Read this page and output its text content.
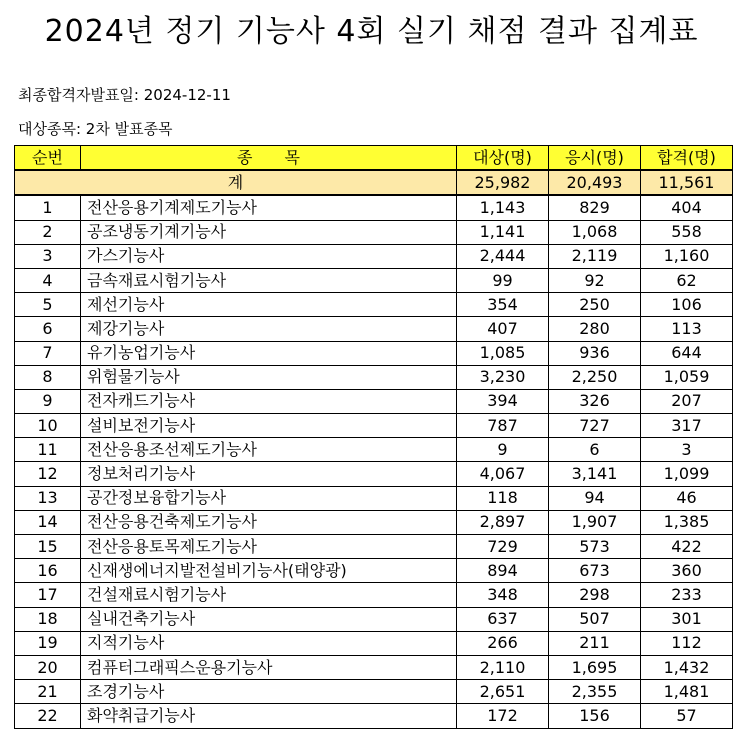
2024년 정기 기능사 4회 실기 채점 결과 집계표
최종합격자발표일: 2024-12-11
대상종목: 2차 발표종목
순번	종　　목	대상(명)	응시(명)	합격(명)
계		25,982	20,493	11,561
1	전산응용기계제도기능사	1,143	829	404
2	공조냉동기계기능사	1,141	1,068	558
3	가스기능사	2,444	2,119	1,160
4	금속재료시험기능사	99	92	62
5	제선기능사	354	250	106
6	제강기능사	407	280	113
7	유기농업기능사	1,085	936	644
8	위험물기능사	3,230	2,250	1,059
9	전자캐드기능사	394	326	207
10	설비보전기능사	787	727	317
11	전산응용조선제도기능사	9	6	3
12	정보처리기능사	4,067	3,141	1,099
13	공간정보융합기능사	118	94	46
14	전산응용건축제도기능사	2,897	1,907	1,385
15	전산응용토목제도기능사	729	573	422
16	신재생에너지발전설비기능사(태양광)	894	673	360
17	건설재료시험기능사	348	298	233
18	실내건축기능사	637	507	301
19	지적기능사	266	211	112
20	컴퓨터그래픽스운용기능사	2,110	1,695	1,432
21	조경기능사	2,651	2,355	1,481
22	화약취급기능사	172	156	57
